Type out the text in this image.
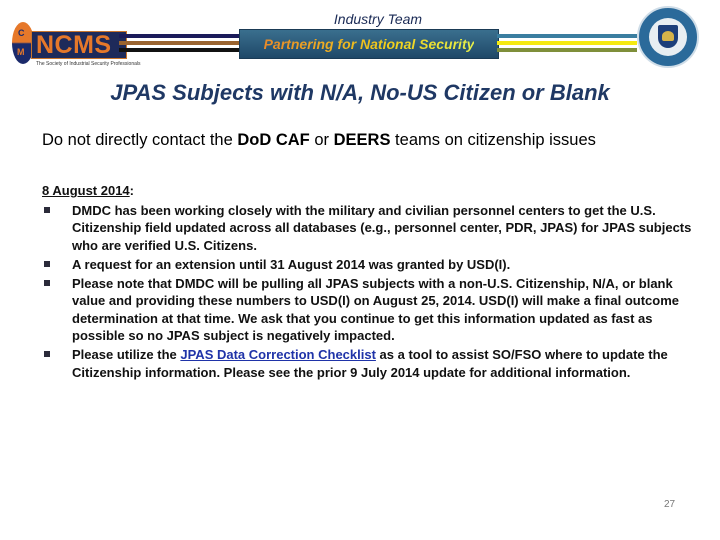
C
M NCMS
The Society of Industrial Security Professionals
Industry Team
Partnering for National Security
JPAS Subjects with N/A, No-US Citizen or Blank
Do not directly contact the DoD CAF or DEERS teams on citizenship issues
8 August 2014:
DMDC has been working closely with the military and civilian personnel centers to get the U.S. Citizenship field updated across all databases (e.g., personnel center, PDR, JPAS) for JPAS subjects who are verified U.S. Citizens.
A request for an extension until 31 August 2014 was granted by USD(I).
Please note that DMDC will be pulling all JPAS subjects with a non-U.S. Citizenship, N/A, or blank value and providing these numbers to USD(I) on August 25, 2014. USD(I) will make a final outcome determination at that time. We ask that you continue to get this information updated as fast as possible so no JPAS subject is negatively impacted.
Please utilize the JPAS Data Correction Checklist as a tool to assist SO/FSO where to update the Citizenship information. Please see the prior 9 July 2014 update for additional information.
27
